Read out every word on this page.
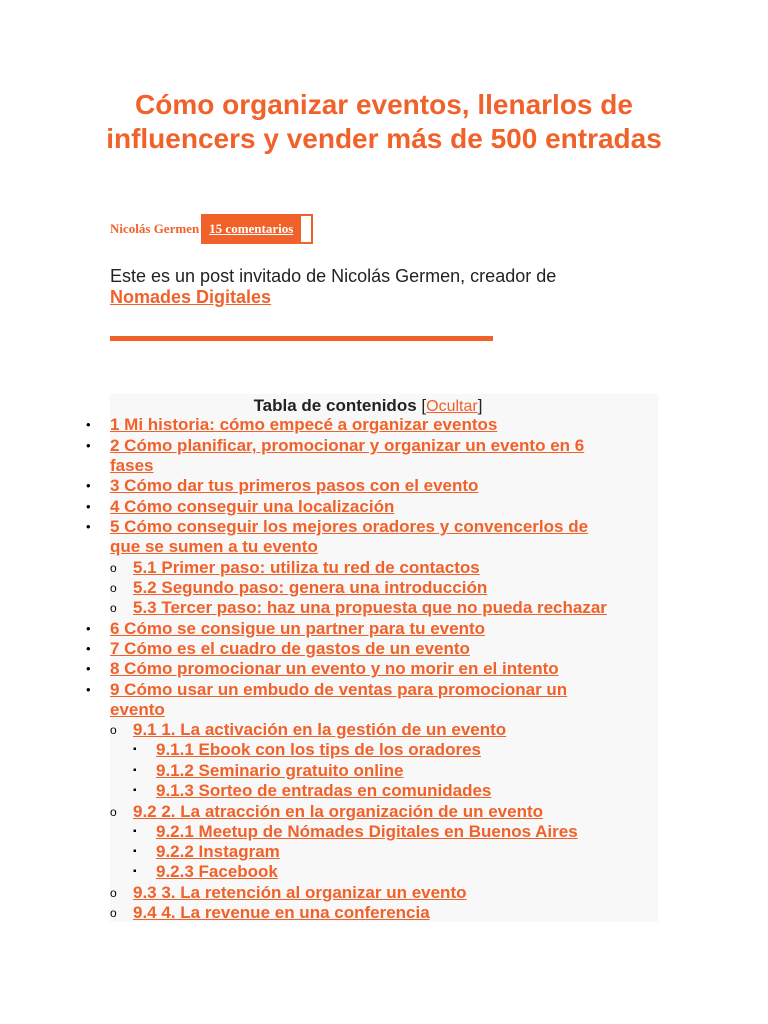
Cómo organizar eventos, llenarlos de influencers y vender más de 500 entradas
Nicolás Germen 15 comentarios
Este es un post invitado de Nicolás Germen, creador de Nomades Digitales
Tabla de contenidos [Ocultar]
• 1 Mi historia: cómo empecé a organizar eventos
• 2 Cómo planificar, promocionar y organizar un evento en 6
fases
• 3 Cómo dar tus primeros pasos con el evento
• 4 Cómo conseguir una localización
• 5 Cómo conseguir los mejores oradores y convencerlos de
que se sumen a tu evento
o 5.1 Primer paso: utiliza tu red de contactos
o 5.2 Segundo paso: genera una introducción
o 5.3 Tercer paso: haz una propuesta que no pueda rechazar
• 6 Cómo se consigue un partner para tu evento
• 7 Cómo es el cuadro de gastos de un evento
• 8 Cómo promocionar un evento y no morir en el intento
• 9 Cómo usar un embudo de ventas para promocionar un
evento
o 9.1 1. La activación en la gestión de un evento
▪ 9.1.1 Ebook con los tips de los oradores
▪ 9.1.2 Seminario gratuito online
▪ 9.1.3 Sorteo de entradas en comunidades
o 9.2 2. La atracción en la organización de un evento
▪ 9.2.1 Meetup de Nómades Digitales en Buenos Aires
▪ 9.2.2 Instagram
▪ 9.2.3 Facebook
o 9.3 3. La retención al organizar un evento
o 9.4 4. La revenue en una conferencia
